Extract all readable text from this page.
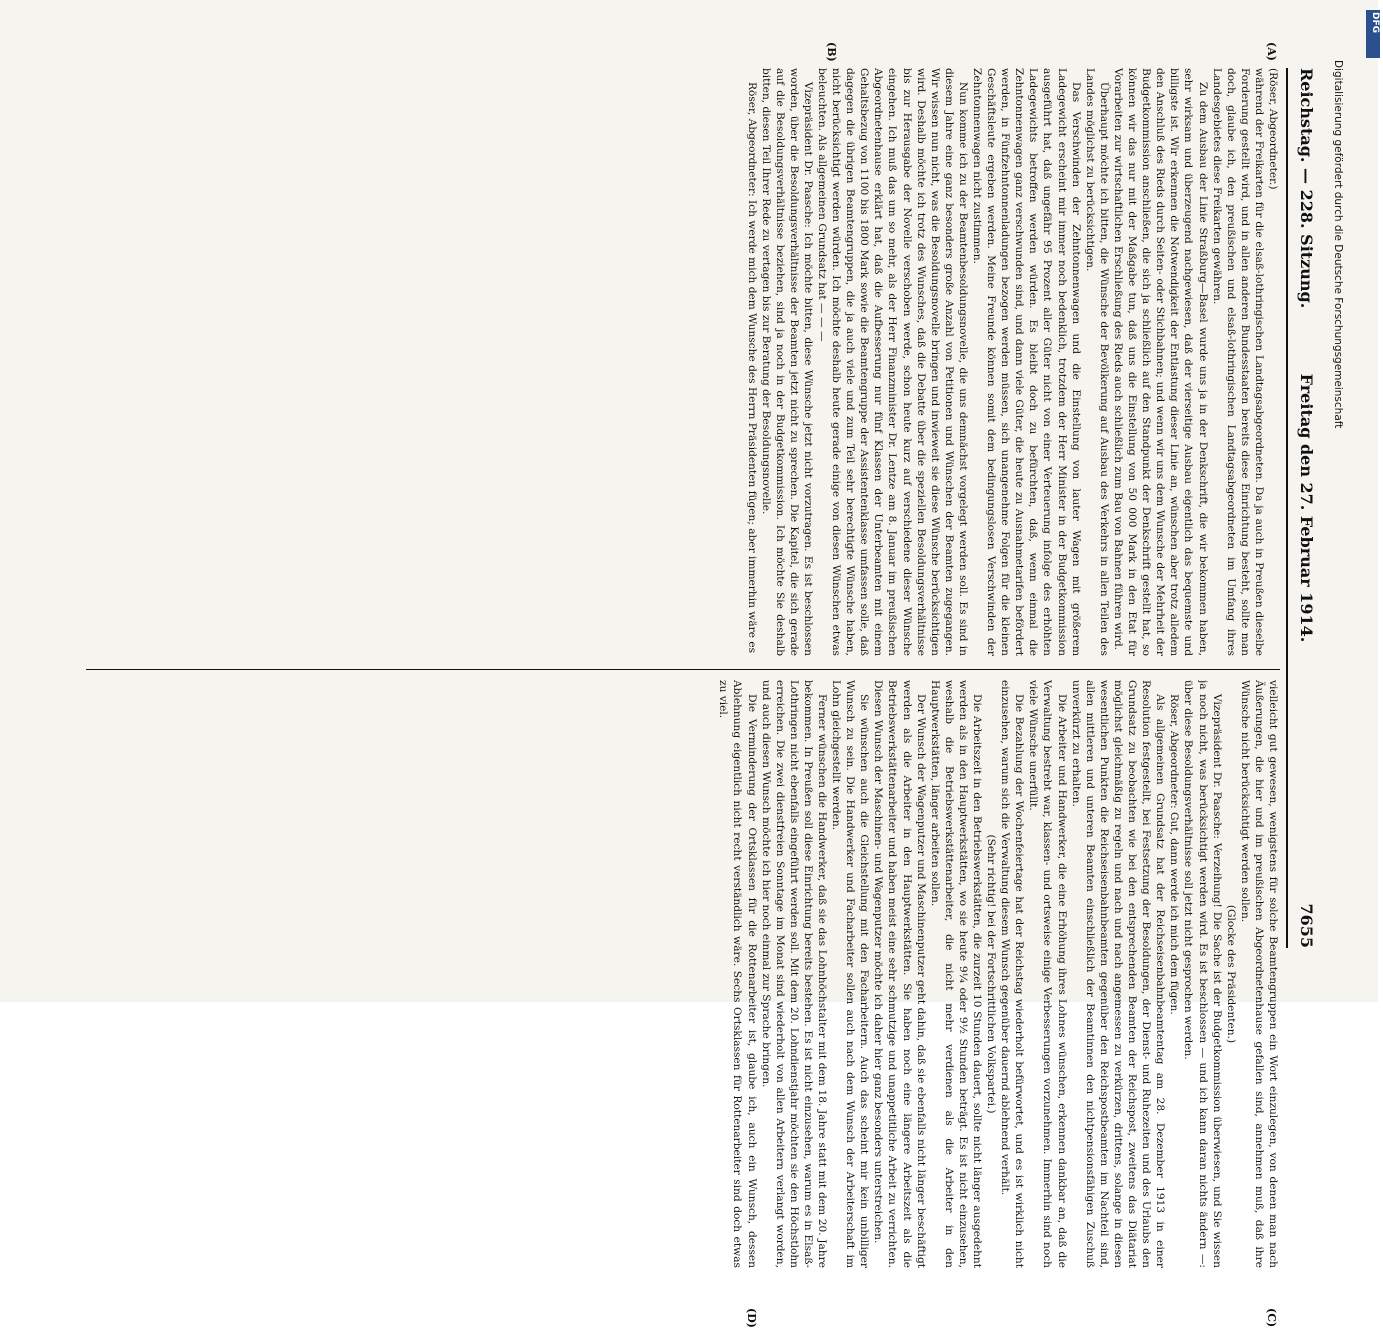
Reichstag. — 228. Sitzung.
Freitag den 27. Februar 1914.
7655
(A)
(B)
(C)
(D)

(Röser, Abgeordneter.)

während der Freikarten für die elsaß-lothringischen Landtagsabgeordneten. Da ja auch in Preußen dieselbe Forderung gestellt wird, und in allen anderen Bundesstaaten bereits diese Einrichtung besteht, sollte man doch, glaube ich, den preußischen und elsaß-lothringischen Landtagsabgeordneten im Umfang ihres Landesgebietes diese Freikarten gewähren.

Zu dem Ausbau der Linie Straßburg—Basel wurde uns ja in der Denkschrift, die wir bekommen haben, sehr wirksam und überzeugend nachgewiesen, daß der vierseitige Ausbau eigentlich das bequemste und billigste ist. Wir erkennen die Notwendigkeit der Entlastung dieser Linie an, wünschen aber trotz alledem den Anschluß des Rieds durch Seiten- oder Stichbahnen; und wenn wir uns dem Wunsche der Mehrheit der Budgetkommission anschließen, die sich ja schließlich auf den Standpunkt der Denkschrift gestellt hat, so können wir das nur mit der Maßgabe tun, daß uns die Einstellung von 50 000 Mark in den Etat für Vorarbeiten zur wirtschaftlichen Erschließung des Rieds auch schließlich zum Bau von Bahnen führen wird.

Überhaupt möchte ich bitten, die Wünsche der Bevölkerung auf Ausbau des Verkehrs in allen Teilen des Landes möglichst zu berücksichtigen.

Das Verschwinden der Zehntonnenwagen und die Einstellung von lauter Wagen mit größerem Ladegewicht erscheint mir immer noch bedenklich, trotzdem der Herr Minister in der Budgetkommission ausgeführt hat, daß ungefähr 95 Prozent aller Güter nicht von einer Verteuerung infolge des erhöhten Ladegewichts betroffen werden würden. Es bleibt doch zu befürchten, daß, wenn einmal die Zehntonnenwagen ganz verschwunden sind, und dann viele Güter, die heute zu Ausnahmetarifen befördert werden, in Fünfzehntonnenladungen bezogen werden müssen, sich unangenehme Folgen für die kleinen Geschäftsleute ergeben werden. Meine Freunde können somit dem bedingungslosen Verschwinden der Zehntonnenwagen nicht zustimmen.

Nun komme ich zu der Beamtenbesoldungsnovelle, die uns demnächst vorgelegt werden soll. Es sind in diesem Jahre eine ganz besonders große Anzahl von Petitionen und Wünschen der Beamten zugegangen. Wir wissen nun nicht, was die Besoldungsnovelle bringen und inwieweit sie diese Wünsche berücksichtigen wird. Deshalb möchte ich trotz des Wunsches, daß die Debatte über die speziellen Besoldungsverhältnisse bis zur Herausgabe der Novelle verschoben werde, schon heute kurz auf verschiedene dieser Wünsche eingehen. Ich muß das um so mehr, als der Herr Finanzminister Dr. Lentze am 8. Januar im preußischen Abgeordnetenhause erklärt hat, daß die Aufbesserung nur fünf Klassen der Unterbeamten mit einem Gehaltsbezug von 1100 bis 1800 Mark sowie die Beamtengruppe der Assistentenklasse umfassen solle, daß dagegen die übrigen Beamtengruppen, die ja auch viele und zum Teil sehr berechtigte Wünsche haben, nicht berücksichtigt werden würden. Ich möchte deshalb heute gerade einige von diesen Wünschen etwas beleuchten. Als allgemeinen Grundsatz hat — — —

Vizepräsident Dr. Paasche: Ich möchte bitten, diese Wünsche jetzt nicht vorzutragen. Es ist beschlossen worden, über die Besoldungsverhältnisse der Beamten jetzt nicht zu sprechen. Die Kapitel, die sich gerade auf die Besoldungsverhältnisse beziehen, sind ja noch in der Budgetkommission. Ich möchte Sie deshalb bitten, diesen Teil Ihrer Rede zu vertagen bis zur Beratung der Besoldungsnovelle.

Röser, Abgeordneter: Ich werde mich dem Wunsche des Herrn Präsidenten fügen; aber immerhin wäre es

vielleicht gut gewesen, wenigstens für solche Beamtengruppen ein Wort einzulegen, von denen man nach Äußerungen, die hier und im preußischen Abgeordnetenhause gefallen sind, annehmen muß, daß ihre Wünsche nicht berücksichtigt werden sollen.

(Glocke des Präsidenten.)

Vizepräsident Dr. Paasche: Verzeihung! Die Sache ist der Budgetkommission überwiesen, und Sie wissen ja noch nicht, was berücksichtigt werden wird. Es ist beschlossen — und ich kann daran nichts ändern —: über diese Besoldungsverhältnisse soll jetzt nicht gesprochen werden.

Röser, Abgeordneter: Gut, dann werde ich mich dem fügen.

Als allgemeinen Grundsatz hat der Reichseisenbahnbeamtentag am 28. Dezember 1913 in einer Resolution festgestellt, bei Festsetzung der Besoldungen, der Dienst- und Ruhezeiten und des Urlaubs den Grundsatz zu beobachten wie bei den entsprechenden Beamten der Reichspost, zweitens das Diätariat möglichst gleichmäßig zu regeln und nach und nach angemessen zu verkürzen, drittens, solange in diesen wesentlichen Punkten die Reichseisenbahnbeamten gegenüber den Reichspostbeamten im Nachteil sind, allen mittleren und unteren Beamten einschließlich der Beamtinnen den nichtpensionsfähigen Zuschuß unverkürzt zu erhalten.

Die Arbeiter und Handwerker, die eine Erhöhung ihres Lohnes wünschen, erkennen dankbar an, daß die Verwaltung bestrebt war, klassen- und ortsweise einige Verbesserungen vorzunehmen. Immerhin sind noch viele Wünsche unerfüllt.

Die Bezahlung der Wochenfeiertage hat der Reichstag wiederholt befürwortet, und es ist wirklich nicht einzusehen, warum sich die Verwaltung diesem Wunsch gegenüber dauernd ablehnend verhält.

(Sehr richtig! bei der Fortschrittlichen Volkspartei.)

Die Arbeitszeit in den Betriebswerkstätten, die zurzeit 10 Stunden dauert, sollte nicht länger ausgedehnt werden als in den Hauptwerkstätten, wo sie heute 9¼ oder 9½ Stunden beträgt. Es ist nicht einzusehen, weshalb die Betriebswerkstättenarbeiter, die nicht mehr verdienen als die Arbeiter in den Hauptwerkstätten, länger arbeiten sollen.

Der Wunsch der Wagenputzer und Maschinenputzer geht dahin, daß sie ebenfalls nicht länger beschäftigt werden als die Arbeiter in den Hauptwerkstätten. Sie haben noch eine längere Arbeitszeit als die Betriebswerkstättenarbeiter und haben meist eine sehr schmutzige und unappetitliche Arbeit zu verrichten. Diesen Wunsch der Maschinen- und Wagenputzer möchte ich daher hier ganz besonders unterstreichen.

Sie wünschen auch die Gleichstellung mit den Facharbeitern. Auch das scheint mir kein unbilliger Wunsch zu sein. Die Handwerker und Facharbeiter sollen auch nach dem Wunsch der Arbeiterschaft im Lohn gleichgestellt werden.

Ferner wünschen die Handwerker, daß sie das Lohnhöchstalter mit dem 18. Jahre statt mit dem 20. Jahre bekommen. In Preußen soll diese Einrichtung bereits bestehen. Es ist nicht einzusehen, warum es in Elsaß-Lothringen nicht ebenfalls eingeführt werden soll. Mit dem 20. Lohndienstjahr möchten sie den Höchstlohn erreichen. Die zwei dienstfreien Sonntage im Monat sind wiederholt von allen Arbeitern verlangt worden, und auch diesen Wunsch möchte ich hier noch einmal zur Sprache bringen.

Die Verminderung der Ortsklassen für die Rottenarbeiter ist, glaube ich, auch ein Wunsch, dessen Ablehnung eigentlich nicht recht verständlich wäre. Sechs Ortsklassen für Rottenarbeiter sind doch etwas zu viel.

Digitalisierung gefördert durch die Deutsche Forschungsgemeinschaft
DFG
